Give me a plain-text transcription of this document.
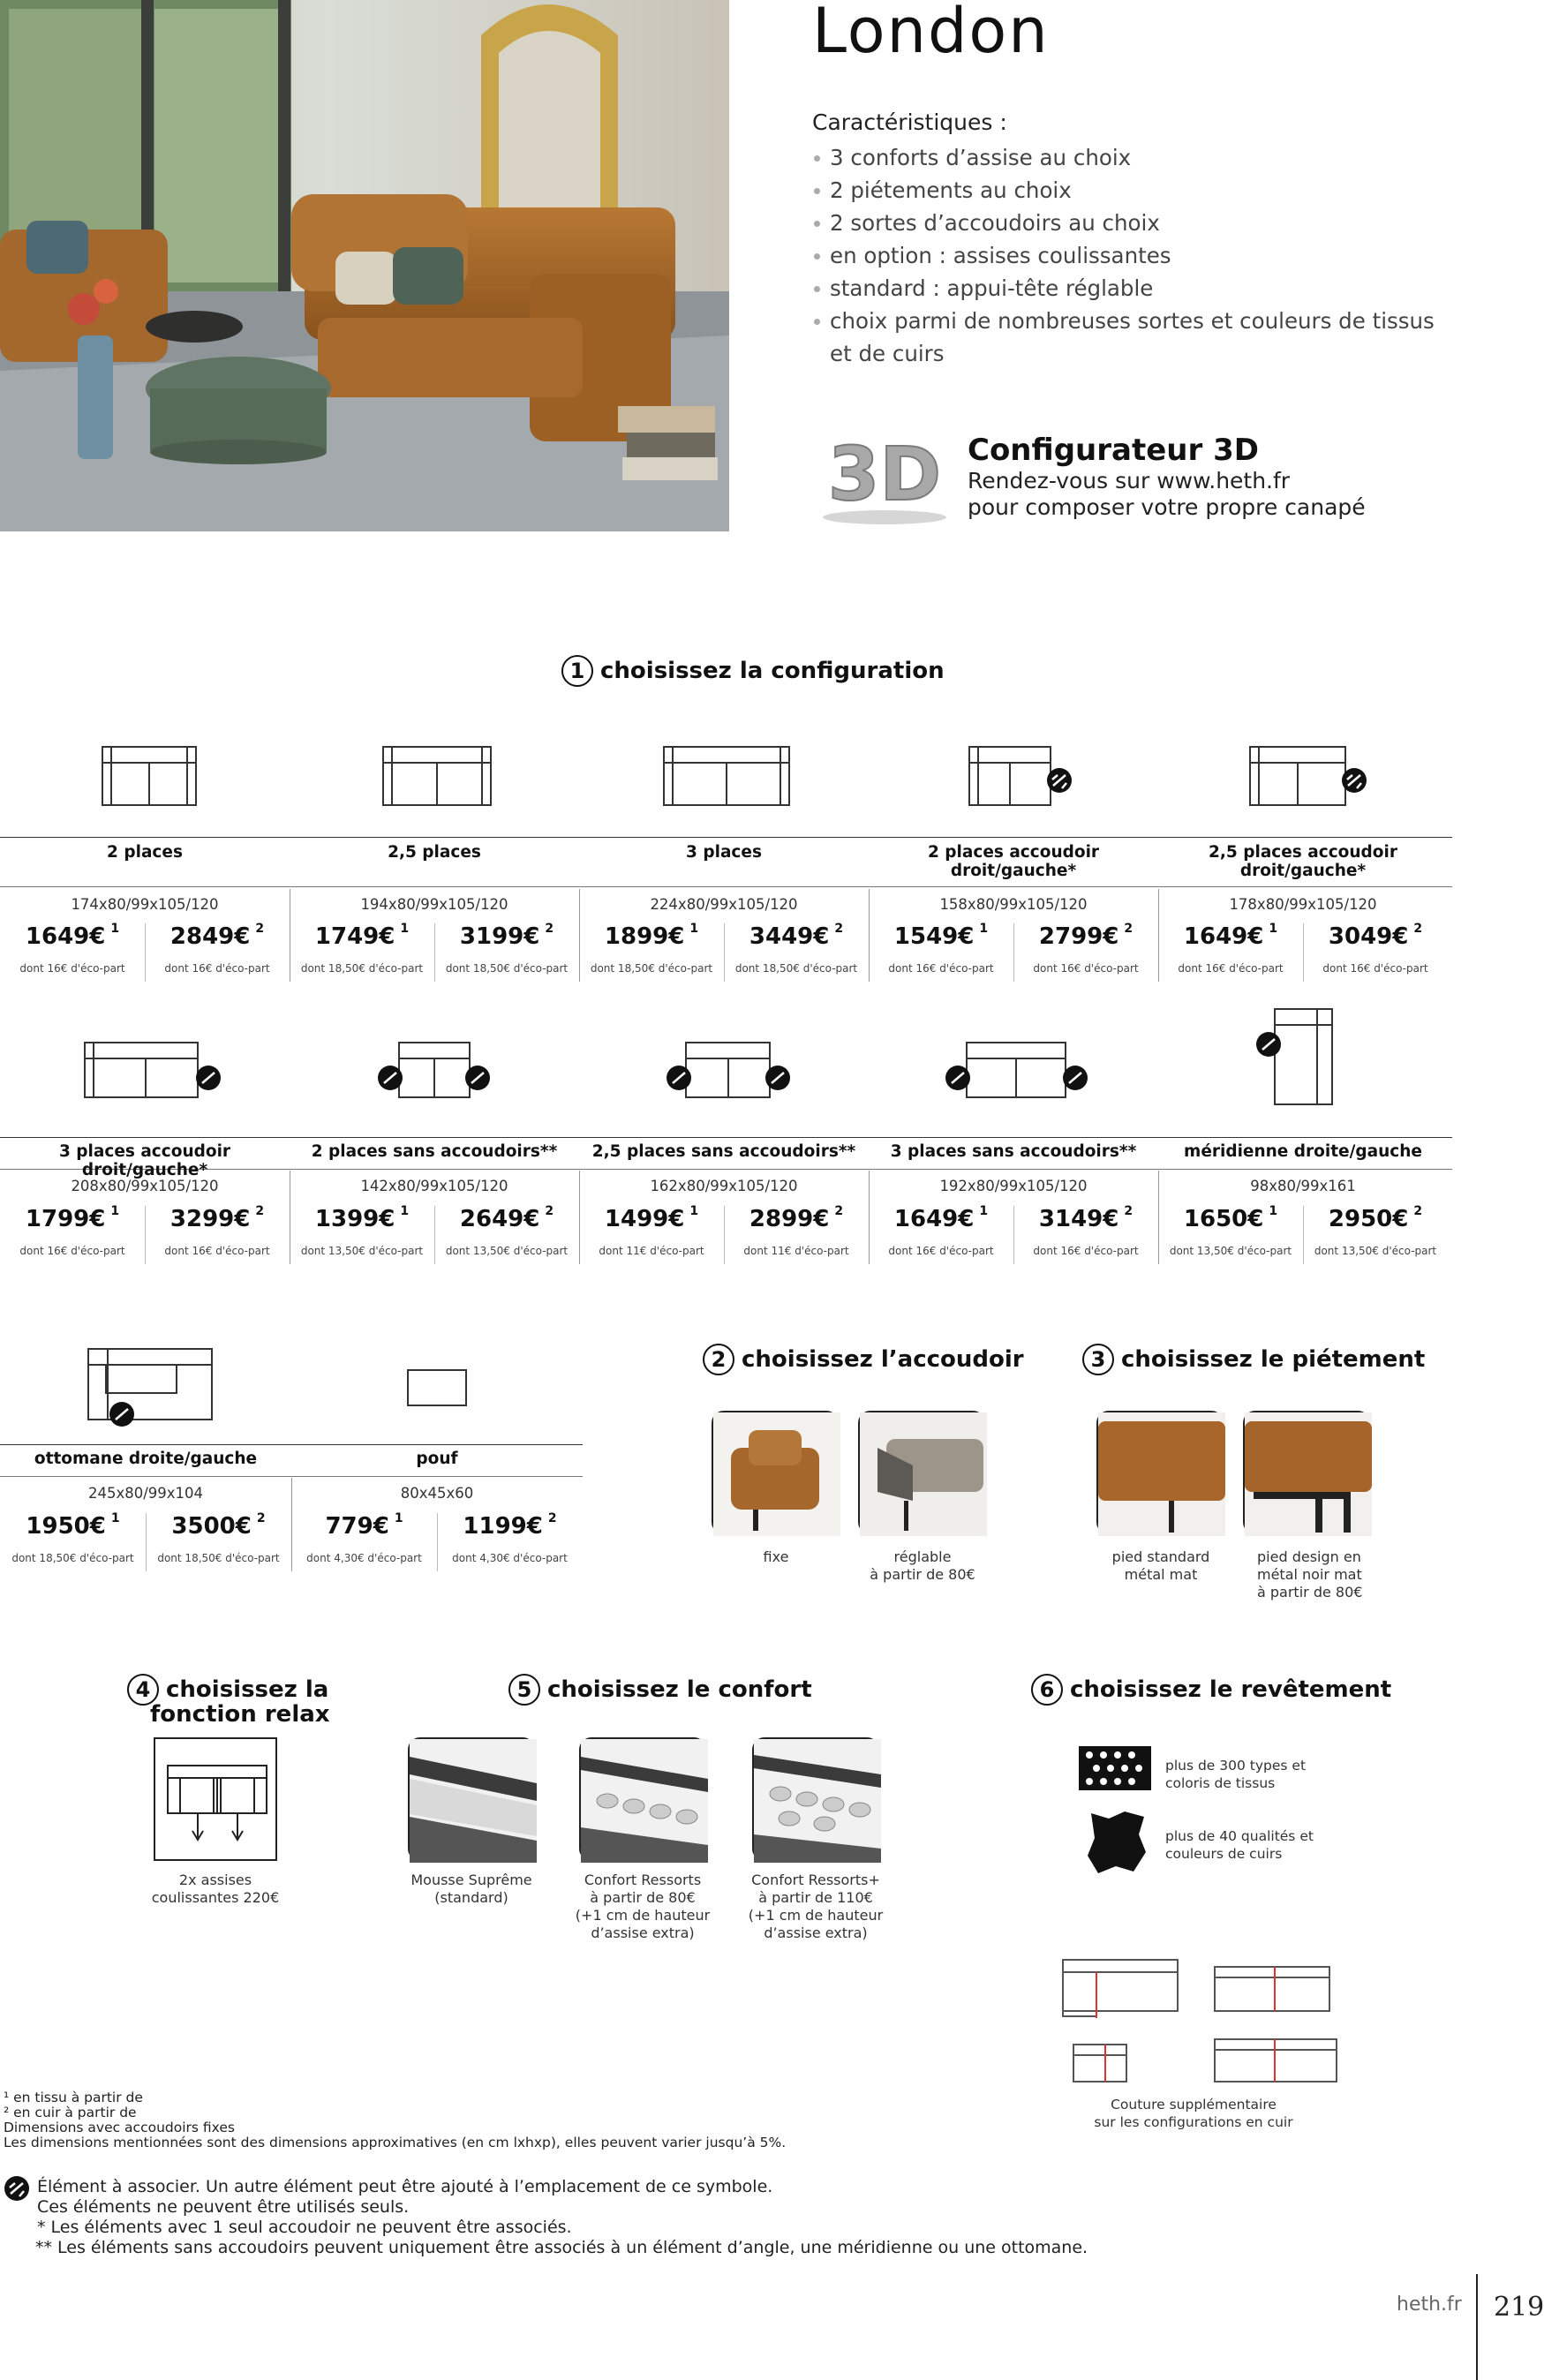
London
Caractéristiques :
3 conforts d’assise au choix
2 piétements au choix
2 sortes d’accoudoirs au choix
en option : assises coulissantes
standard : appui-tête réglable
choix parmi de nombreuses sortes et couleurs de tissus
et de cuirs
3D Configurateur 3D
Rendez-vous sur www.heth.fr
pour composer votre propre canapé
1 choisissez la configuration
2 places
174x80/99x105/120
1649€ $^1$	2849€ $^2$
dont 16€ d'éco-part	dont 16€ d'éco-part
2,5 places
194x80/99x105/120
1749€ $^1$	3199€ $^2$
dont 18,50€ d'éco-part	dont 18,50€ d'éco-part
3 places
224x80/99x105/120
1899€ $^1$	3449€ $^2$
dont 18,50€ d'éco-part	dont 18,50€ d'éco-part
2 places accoudoir droit/gauche*
158x80/99x105/120
1549€ $^1$	2799€ $^2$
dont 16€ d'éco-part	dont 16€ d'éco-part
2,5 places accoudoir droit/gauche*
178x80/99x105/120
1649€ $^1$	3049€ $^2$
dont 16€ d'éco-part	dont 16€ d'éco-part
3 places accoudoir droit/gauche*
208x80/99x105/120
1799€ $^1$	3299€ $^2$
dont 16€ d'éco-part	dont 16€ d'éco-part
2 places sans accoudoirs**
142x80/99x105/120
1399€ $^1$	2649€ $^2$
dont 13,50€ d'éco-part	dont 13,50€ d'éco-part
2,5 places sans accoudoirs**
162x80/99x105/120
1499€ $^1$	2899€ $^2$
dont 11€ d'éco-part	dont 11€ d'éco-part
3 places sans accoudoirs**
192x80/99x105/120
1649€ $^1$	3149€ $^2$
dont 16€ d'éco-part	dont 16€ d'éco-part
méridienne droite/gauche
98x80/99x161
1650€ $^1$	2950€ $^2$
dont 13,50€ d'éco-part	dont 13,50€ d'éco-part
ottomane droite/gauche
245x80/99x104
1950€ $^1$	3500€ $^2$
dont 18,50€ d'éco-part	dont 18,50€ d'éco-part
pouf
80x45x60
779€ $^1$	1199€ $^2$
dont 4,30€ d'éco-part	dont 4,30€ d'éco-part
2 choisissez l’accoudoir	3 choisissez le piétement
fixe	réglable
à partir de 80€
pied standard
métal mat
pied design en
métal noir mat
à partir de 80€
4 choisissez la
fonction relax
5 choisissez le confort	6 choisissez le revêtement
2x assises
coulissantes 220€
Mousse Suprême
(standard)
Confort Ressorts
à partir de 80€
(+1 cm de hauteur
d’assise extra)
Confort Ressorts+
à partir de 110€
(+1 cm de hauteur
d’assise extra)
plus de 300 types et
coloris de tissus
plus de 40 qualités et
couleurs de cuirs
Couture supplémentaire
sur les configurations en cuir
¹ en tissu à partir de
² en cuir à partir de
Dimensions avec accoudoirs fixes
Les dimensions mentionnées sont des dimensions approximatives (en cm lxhxp), elles peuvent varier jusqu’à 5%.
Élément à associer. Un autre élément peut être ajouté à l’emplacement de ce symbole.
Ces éléments ne peuvent être utilisés seuls.
* Les éléments avec 1 seul accoudoir ne peuvent être associés.
** Les éléments sans accoudoirs peuvent uniquement être associés à un élément d’angle, une méridienne ou une ottomane.
heth.fr 219
